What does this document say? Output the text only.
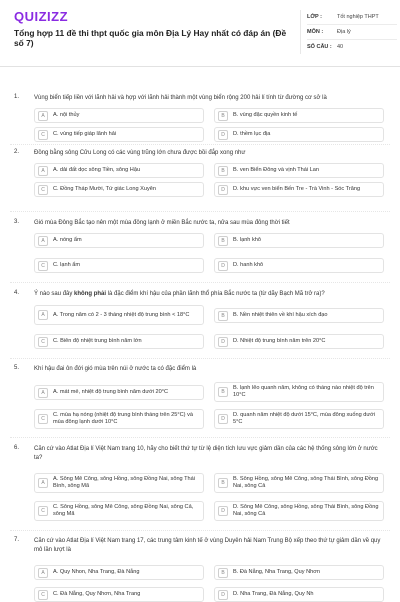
QUIZIZZ
Tổng hợp 11 đề thi thpt quốc gia môn Địa Lý Hay nhất có đáp án (Đề số 7)
LỚP :	Tốt nghiệp THPT
MÔN :	Địa lý
SỐ CÂU : 40
1. Vùng biển tiếp liền với lãnh hải và hợp với lãnh hải thành một vùng biển rộng 200 hải lí tính từ đường cơ sở là
A	A. nội thủy	B	B. vùng đặc quyền kinh tế
C	C. vùng tiếp giáp lãnh hải	D	D. thềm lục địa
2. Đồng bằng sông Cửu Long có các vùng trũng lớn chưa được bồi đắp xong như
A	A. dải đất dọc sông Tiền, sông Hậu	B	B. ven Biển Đông và vịnh Thái Lan
C	C. Đồng Tháp Mười, Tứ giác Long Xuyên	D	D. khu vực ven biển Bến Tre - Trà Vinh - Sóc Trăng
3. Gió mùa Đông Bắc tạo nên một mùa đông lạnh ở miền Bắc nước ta, nửa sau mùa đông thời tiết
A	A. nóng ẩm	B	B. lạnh khô
C	C. lạnh ẩm	D	D. hanh khô
4. Ý nào sau đây không phải là đặc điểm khí hậu của phần lãnh thổ phía Bắc nước ta (từ dãy Bạch Mã trở ra)?
A	A. Trong năm có 2 - 3 tháng nhiệt độ trung bình < 18°C	B	B. Nền nhiệt thiên về khí hậu xích đạo
C	C. Biên độ nhiệt trung bình năm lớn	D	D. Nhiệt độ trung bình năm trên 20°C
5. Khí hậu đai ôn đới gió mùa trên núi ở nước ta có đặc điểm là
A	A. mát mẻ, nhiệt độ trung bình năm dưới 20°C	B
B. lạnh lẽo quanh năm, không có tháng nào nhiệt độ trên 10°C
C
C. mùa hạ nóng (nhiệt độ trung bình tháng trên 25°C) và mùa đông lạnh dưới 10°C	D
D. quanh năm nhiệt độ dưới 15°C, mùa đông xuống dưới 5°C
6. Căn cứ vào Atlat Địa lí Việt Nam trang 10, hãy cho biết thứ tự từ lệ diện tích lưu vực giảm dần của các hệ thống sông lớn ở nước ta?
A
A. Sông Mê Công, sông Hồng, sông Đồng Nai, sông Thái Bình, sông Mã	B
B. Sông Hồng, sông Mê Công, sông Thái Bình, sông Đồng Nai, sông Cả
C
C. Sông Hồng, sông Mê Công, sông Đồng Nai, sông Cả, sông Mã	D
D. Sông Mê Công, sông Hồng, sông Thái Bình, sông Đồng Nai, sông Cả
7. Căn cứ vào Atlat Địa lí Việt Nam trang 17, các trung tâm kinh tế ở vùng Duyên hải Nam Trung Bộ xếp theo thứ tự giảm dần về quy mô lần lượt là
A	A. Quy Nhon, Nha Trang, Đà Nẵng	B	B. Đà Nẵng, Nha Trang, Quy Nhơn
C	C. Đà Nẵng, Quy Nhơn, Nha Trang	D	D. Nha Trang, Đà Nẵng, Quy Nh
